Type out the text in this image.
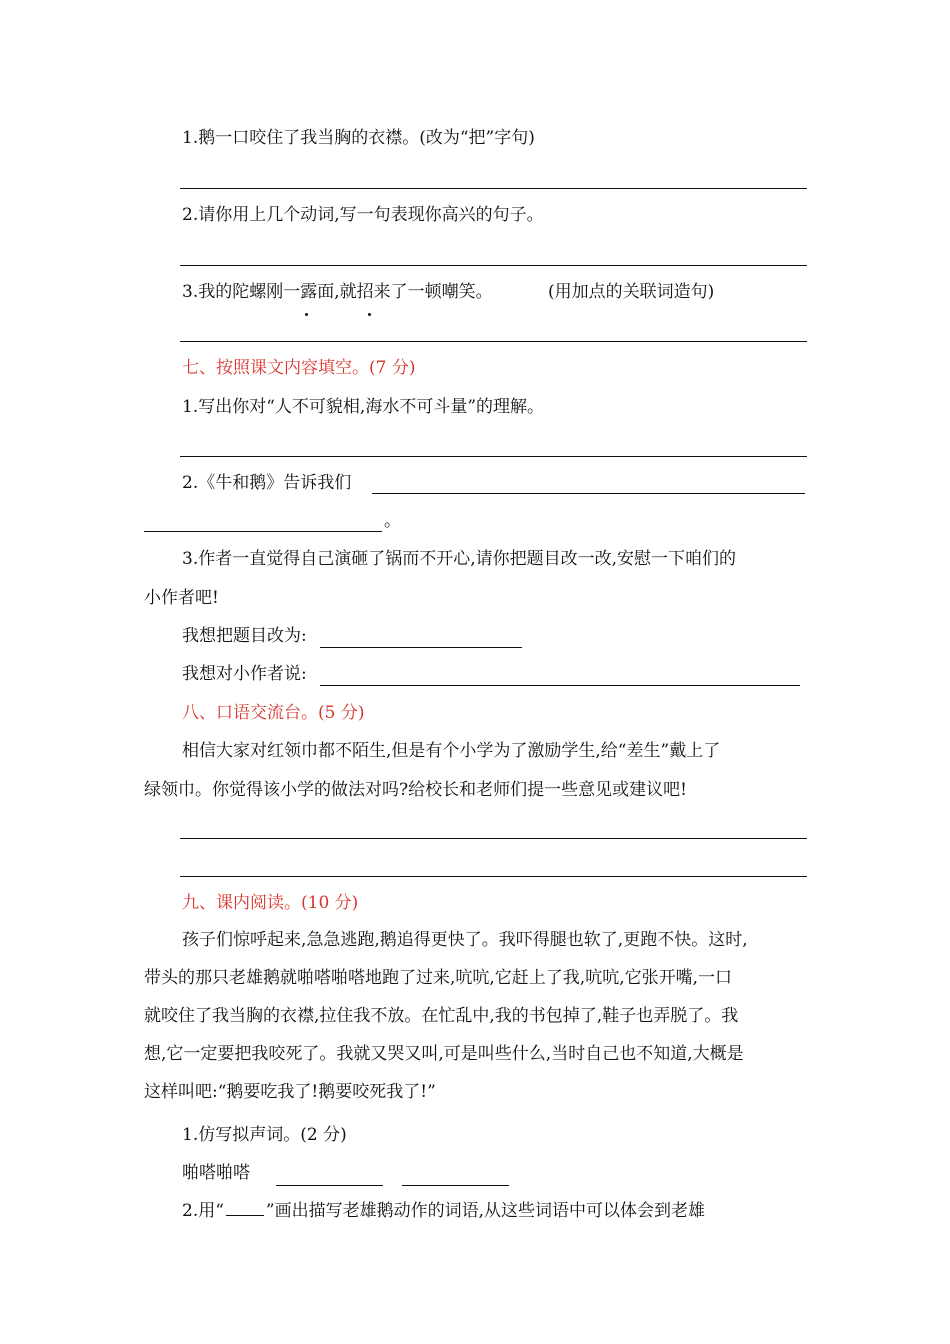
1.鹅一口咬住了我当胸的衣襟。(改为“把”字句)
2.请你用上几个动词,写一句表现你高兴的句子。
3.我的陀螺刚一露面,就招来了一顿嘲笑。	(用加点的关联词造句)
七、按照课文内容填空。(7 分)
1.写出你对“人不可貌相,海水不可斗量”的理解。
2.《牛和鹅》告诉我们
。
3.作者一直觉得自己演砸了锅而不开心,请你把题目改一改,安慰一下咱们的
小作者吧!
我想把题目改为:
我想对小作者说:
八、口语交流台。(5 分)
相信大家对红领巾都不陌生,但是有个小学为了激励学生,给“差生”戴上了
绿领巾。你觉得该小学的做法对吗?给校长和老师们提一些意见或建议吧!
九、课内阅读。(10 分)
孩子们惊呼起来,急急逃跑,鹅追得更快了。我吓得腿也软了,更跑不快。这时,
带头的那只老雄鹅就啪嗒啪嗒地跑了过来,吭吭,它赶上了我,吭吭,它张开嘴,一口
就咬住了我当胸的衣襟,拉住我不放。在忙乱中,我的书包掉了,鞋子也弄脱了。我
想,它一定要把我咬死了。我就又哭又叫,可是叫些什么,当时自己也不知道,大概是
这样叫吧:“鹅要吃我了!鹅要咬死我了!”
1.仿写拟声词。(2 分)
啪嗒啪嗒
2.用“ ”画出描写老雄鹅动作的词语,从这些词语中可以体会到老雄
